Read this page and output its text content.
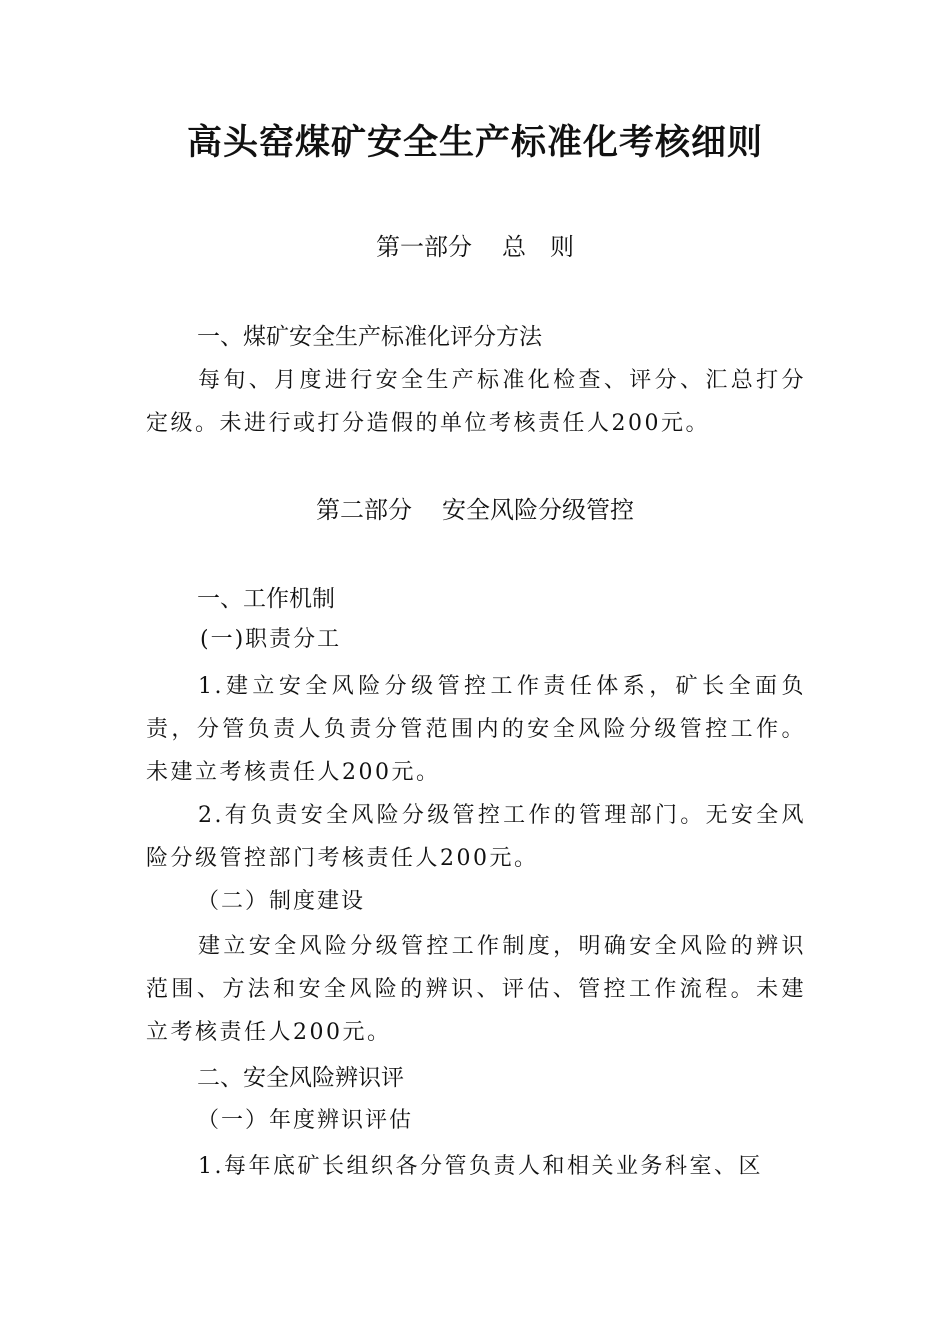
高头窑煤矿安全生产标准化考核细则
第一部分 总　则
一、煤矿安全生产标准化评分方法

每旬、月度进行安全生产标准化检查、评分、汇总打分定级。未进行或打分造假的单位考核责任人200元。

第二部分 安全风险分级管控
一、工作机制
(一)职责分工

1.建立安全风险分级管控工作责任体系，矿长全面负责，分管负责人负责分管范围内的安全风险分级管控工作。未建立考核责任人200元。

2.有负责安全风险分级管控工作的管理部门。无安全风险分级管控部门考核责任人200元。

（二）制度建设

建立安全风险分级管控工作制度，明确安全风险的辨识范围、方法和安全风险的辨识、评估、管控工作流程。未建立考核责任人200元。

二、安全风险辨识评
（一）年度辨识评估

1.每年底矿长组织各分管负责人和相关业务科室、区
